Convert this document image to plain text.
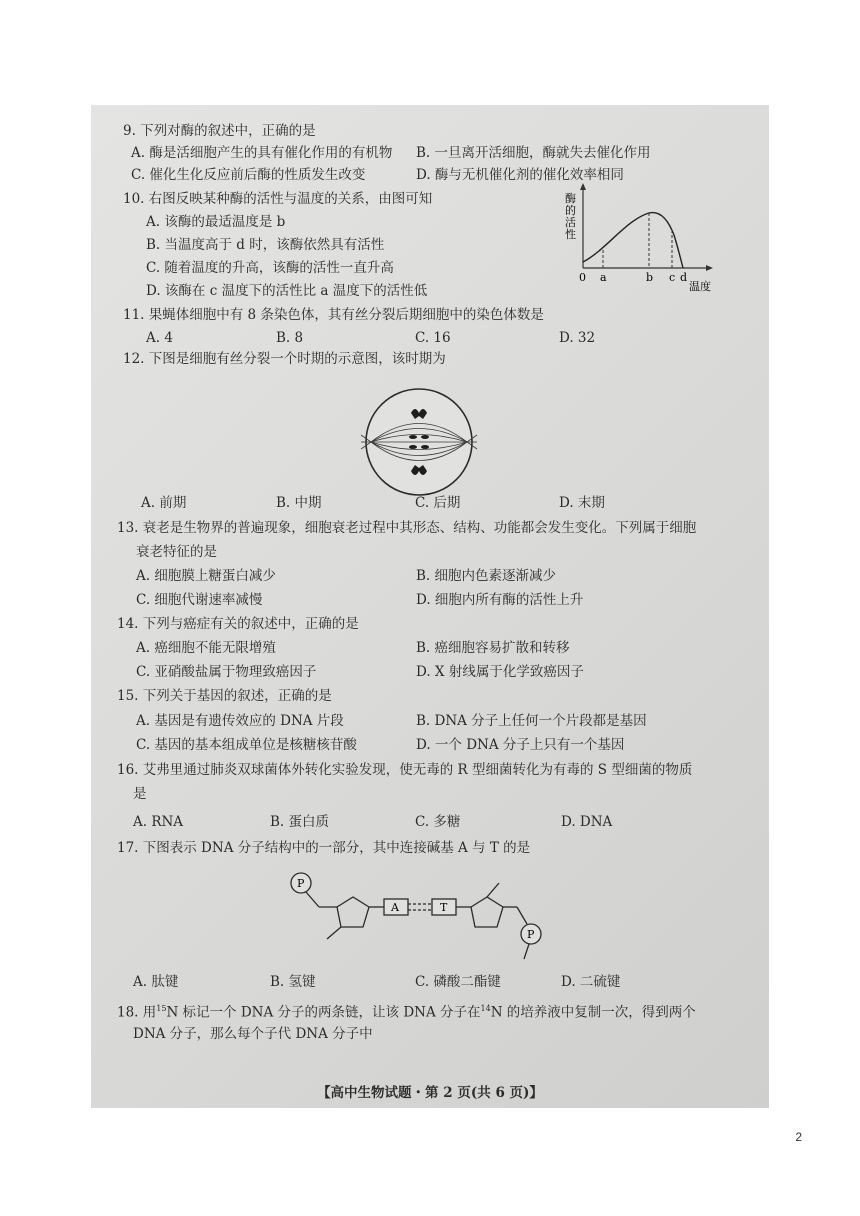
9. 下列对酶的叙述中，正确的是
A. 酶是活细胞产生的具有催化作用的有机物 B. 一旦离开活细胞，酶就失去催化作用
C. 催化生化反应前后酶的性质发生改变	D. 酶与无机催化剂的催化效率相同
10. 右图反映某种酶的活性与温度的关系，由图可知
A. 该酶的最适温度是 b
B. 当温度高于 d 时，该酶依然具有活性
C. 随着温度的升高，该酶的活性一直升高
D. 该酶在 c 温度下的活性比 a 温度下的活性低
酶
的
活
性
0 a	b c d
温度
11. 果蝇体细胞中有 8 条染色体，其有丝分裂后期细胞中的染色体数是
A. 4	B. 8	C. 16	D. 32
12. 下图是细胞有丝分裂一个时期的示意图，该时期为
A. 前期	B. 中期	C. 后期	D. 末期
13. 衰老是生物界的普遍现象，细胞衰老过程中其形态、结构、功能都会发生变化。下列属于细胞
衰老特征的是
A. 细胞膜上糖蛋白减少	B. 细胞内色素逐渐减少
C. 细胞代谢速率减慢	D. 细胞内所有酶的活性上升
14. 下列与癌症有关的叙述中，正确的是
A. 癌细胞不能无限增殖	B. 癌细胞容易扩散和转移
C. 亚硝酸盐属于物理致癌因子	D. X 射线属于化学致癌因子
15. 下列关于基因的叙述，正确的是
A. 基因是有遗传效应的 DNA 片段	B. DNA 分子上任何一个片段都是基因
C. 基因的基本组成单位是核糖核苷酸	D. 一个 DNA 分子上只有一个基因
16. 艾弗里通过肺炎双球菌体外转化实验发现，使无毒的 R 型细菌转化为有毒的 S 型细菌的物质
是
A. RNA	B. 蛋白质	C. 多糖	D. DNA
17. 下图表示 DNA 分子结构中的一部分，其中连接碱基 A 与 T 的是
P
P
A	T
A. 肽键	B. 氢键	C. 磷酸二酯键	D. 二硫键
18. 用$^{15}$N 标记一个 DNA 分子的两条链，让该 DNA 分子在$^{14}$N 的培养液中复制一次，得到两个
DNA 分子，那么每个子代 DNA 分子中
【高中生物试题・第 2 页(共 6 页)】
2
